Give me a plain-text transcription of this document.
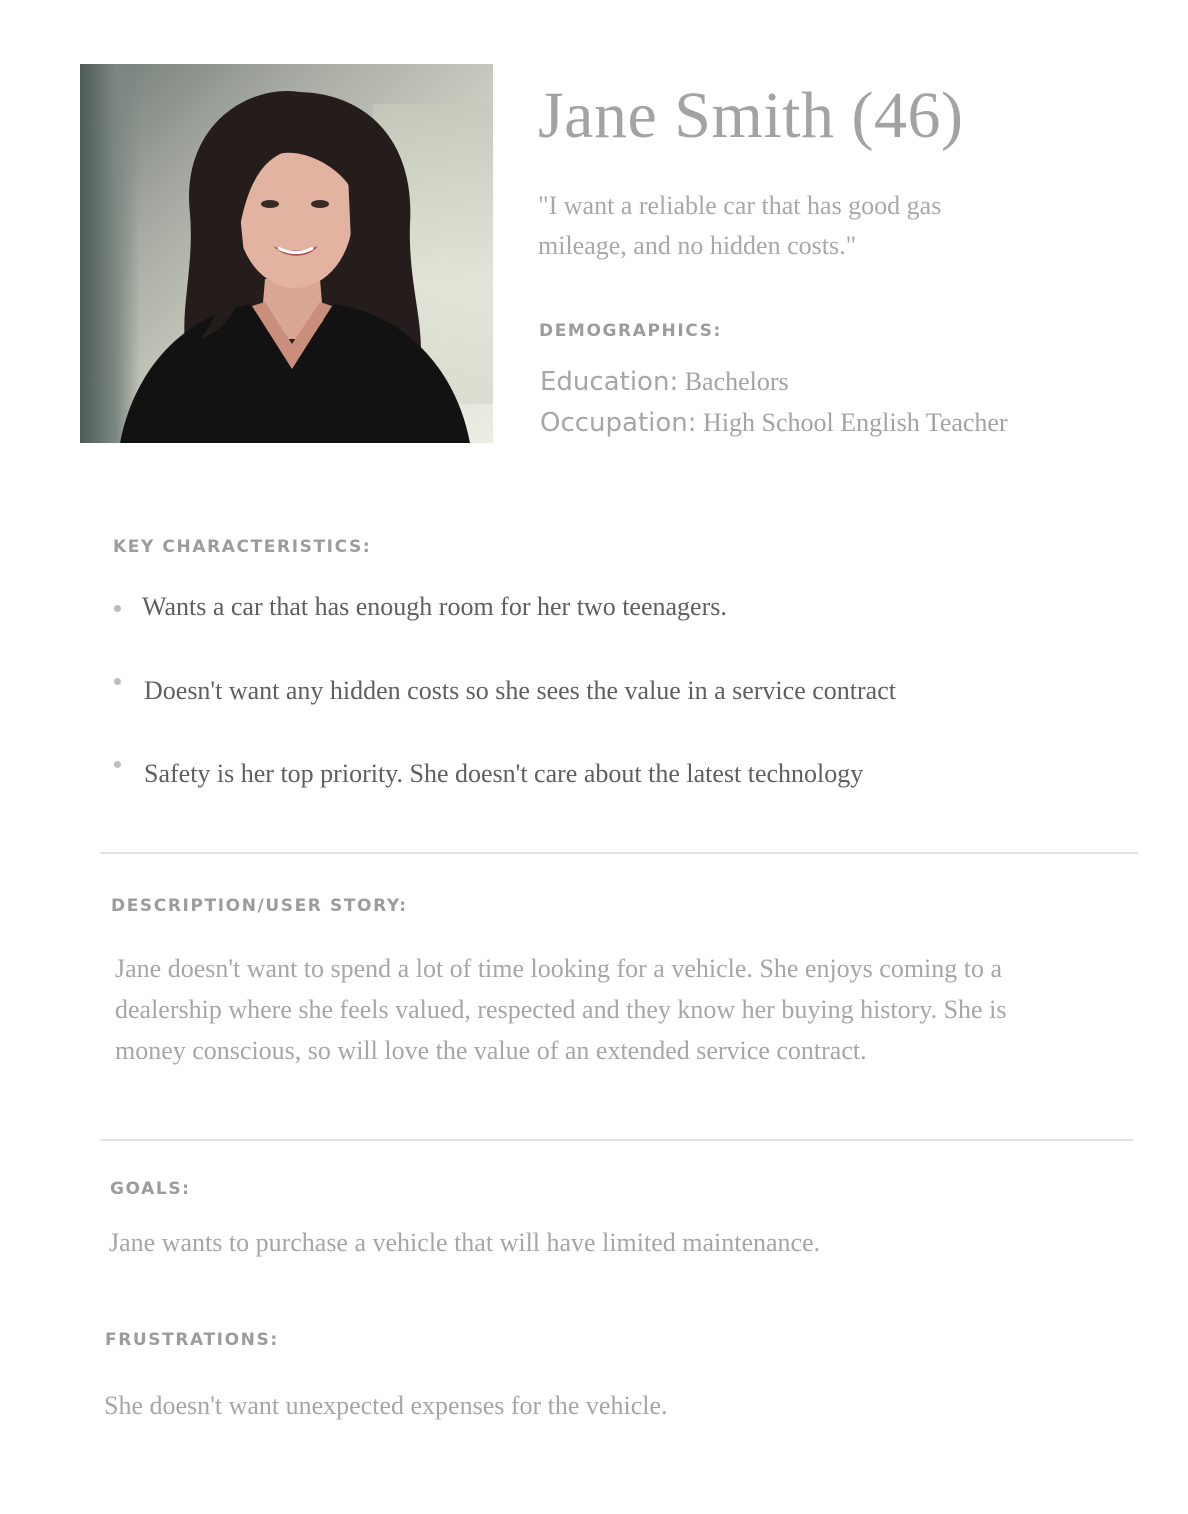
Jane Smith (46)

"I want a reliable car that has good gas mileage, and no hidden costs."

DEMOGRAPHICS:

Education: Bachelors

Occupation: High School English Teacher

KEY CHARACTERISTICS:

Wants a car that has enough room for her two teenagers.

Doesn't want any hidden costs so she sees the value in a service contract

Safety is her top priority. She doesn't care about the latest technology

DESCRIPTION/USER STORY:

Jane doesn't want to spend a lot of time looking for a vehicle. She enjoys coming to a dealership where she feels valued, respected and they know her buying history. She is money conscious, so will love the value of an extended service contract.

GOALS:

Jane wants to purchase a vehicle that will have limited maintenance.

FRUSTRATIONS:

She doesn't want unexpected expenses for the vehicle.
